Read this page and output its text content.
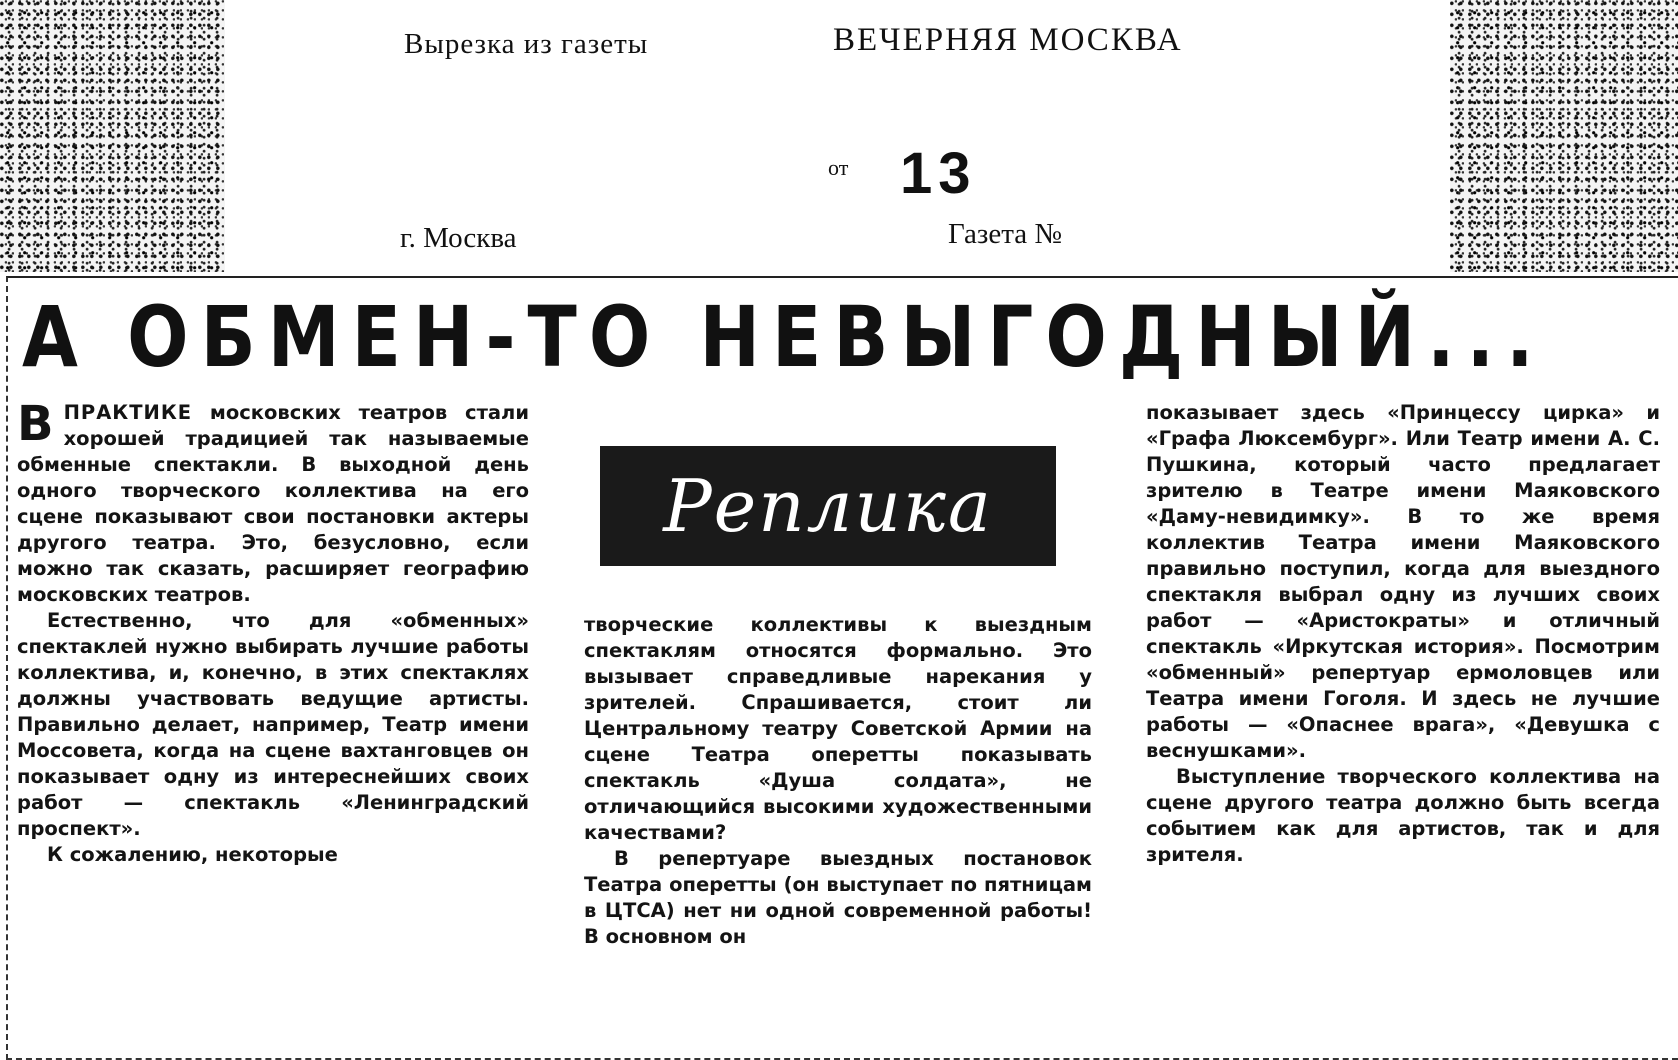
Вырезка из газеты	ВЕЧЕРНЯЯ МОСКВА
от 13
г. Москва	Газета №
А ОБМЕН-ТО НЕВЫГОДНЫЙ...

ВПРАКТИКЕ московских театров стали хорошей традицией так называемые обменные спектакли. В выходной день одного творческого коллектива на его сцене показывают свои постановки актеры другого театра. Это, безусловно, если можно так сказать, расширяет географию московских театров.

Естественно, что для «обменных» спектаклей нужно выбирать лучшие работы коллектива, и, конечно, в этих спектаклях должны участвовать ведущие артисты. Правильно делает, например, Театр имени Моссовета, когда на сцене вахтанговцев он показывает одну из интереснейших своих работ — спектакль «Ленинградский проспект».

К сожалению, некоторые

Реплика

творческие коллективы к выездным спектаклям относятся формально. Это вызывает справедливые нарекания у зрителей. Спрашивается, стоит ли Центральному театру Советской Армии на сцене Театра оперетты показывать спектакль «Душа солдата», не отличающийся высокими художественными качествами?

В репертуаре выездных постановок Театра оперетты (он выступает по пятницам в ЦТСА) нет ни одной современной работы! В основном он

показывает здесь «Принцессу цирка» и «Графа Люксембург». Или Театр имени А. С. Пушкина, который часто предлагает зрителю в Театре имени Маяковского «Даму-невидимку». В то же время коллектив Театра имени Маяковского правильно поступил, когда для выездного спектакля выбрал одну из лучших своих работ — «Аристократы» и отличный спектакль «Иркутская история». Посмотрим «обменный» репертуар ермоловцев или Театра имени Гоголя. И здесь не лучшие работы — «Опаснее врага», «Девушка с веснушками».

Выступление творческого коллектива на сцене другого театра должно быть всегда событием как для артистов, так и для зрителя.
